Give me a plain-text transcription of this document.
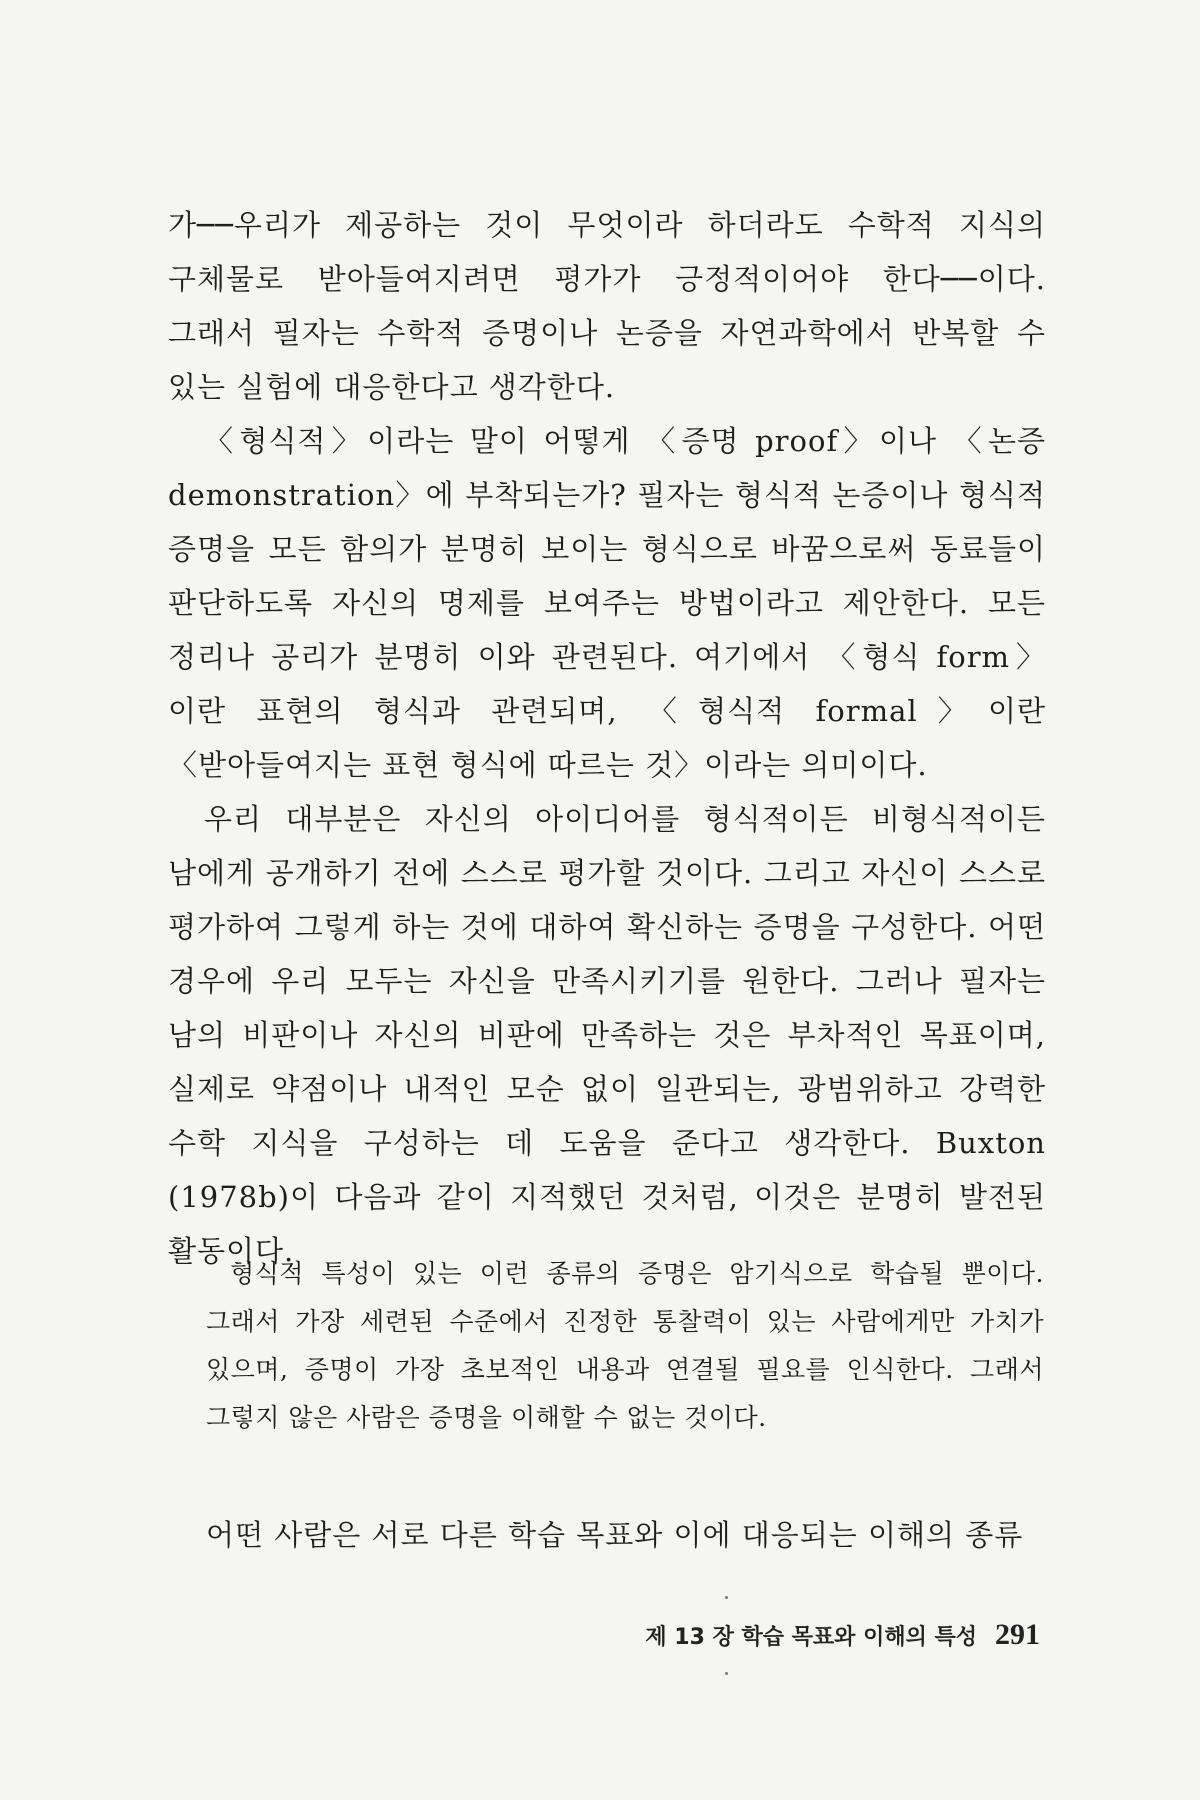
가──우리가 제공하는 것이 무엇이라 하더라도 수학적 지식의 구체물로 받아들여지려면 평가가 긍정적이어야 한다──이다. 그래서 필자는 수학적 증명이나 논증을 자연과학에서 반복할 수 있는 실험에 대응한다고 생각한다.

〈형식적〉이라는 말이 어떻게 〈증명 proof〉이나 〈논증 demonstration〉에 부착되는가? 필자는 형식적 논증이나 형식적 증명을 모든 함의가 분명히 보이는 형식으로 바꿈으로써 동료들이 판단하도록 자신의 명제를 보여주는 방법이라고 제안한다. 모든 정리나 공리가 분명히 이와 관련된다. 여기에서 〈형식 form〉이란 표현의 형식과 관련되며, 〈형식적 formal〉이란 〈받아들여지는 표현 형식에 따르는 것〉이라는 의미이다.

우리 대부분은 자신의 아이디어를 형식적이든 비형식적이든 남에게 공개하기 전에 스스로 평가할 것이다. 그리고 자신이 스스로 평가하여 그렇게 하는 것에 대하여 확신하는 증명을 구성한다. 어떤 경우에 우리 모두는 자신을 만족시키기를 원한다. 그러나 필자는 남의 비판이나 자신의 비판에 만족하는 것은 부차적인 목표이며, 실제로 약점이나 내적인 모순 없이 일관되는, 광범위하고 강력한 수학 지식을 구성하는 데 도움을 준다고 생각한다. Buxton (1978b)이 다음과 같이 지적했던 것처럼, 이것은 분명히 발전된 활동이다.

형식적 특성이 있는 이런 종류의 증명은 암기식으로 학습될 뿐이다. 그래서 가장 세련된 수준에서 진정한 통찰력이 있는 사람에게만 가치가 있으며, 증명이 가장 초보적인 내용과 연결될 필요를 인식한다. 그래서 그렇지 않은 사람은 증명을 이해할 수 없는 것이다.

어떤 사람은 서로 다른 학습 목표와 이에 대응되는 이해의 종류
제 13 장 학습 목표와 이해의 특성 291
